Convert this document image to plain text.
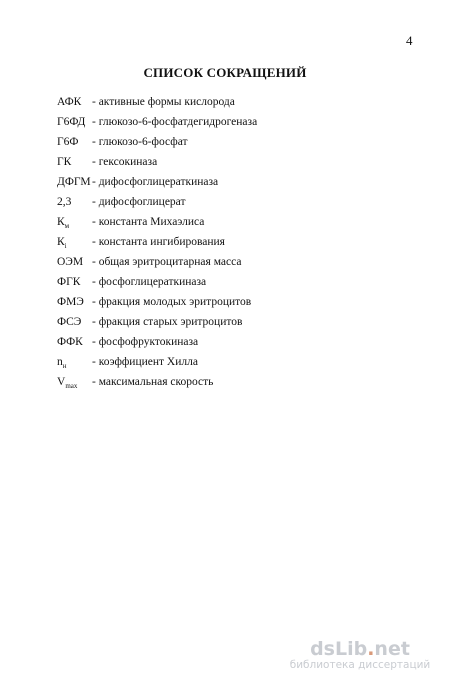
4
СПИСОК СОКРАЩЕНИЙ
АФК - активные формы кислорода
Г6ФД - глюкозо-6-фосфатдегидрогеназа
Г6Ф - глюкозо-6-фосфат
ГК - гексокиназа
ДФГМ - дифосфоглицераткиназа
2,3 - дифосфоглицерат
$К_м$ - константа Михаэлиса
$К_i$ - константа ингибирования
ОЭМ - общая эритроцитарная масса
ФГК - фосфоглицераткиназа
ФМЭ - фракция молодых эритроцитов
ФСЭ - фракция старых эритроцитов
ФФК - фосфофруктокиназа
$n_н$ - коэффициент Хилла
$V_{max}$ - максимальная скорость
dsLib.net
библиотека диссертаций
